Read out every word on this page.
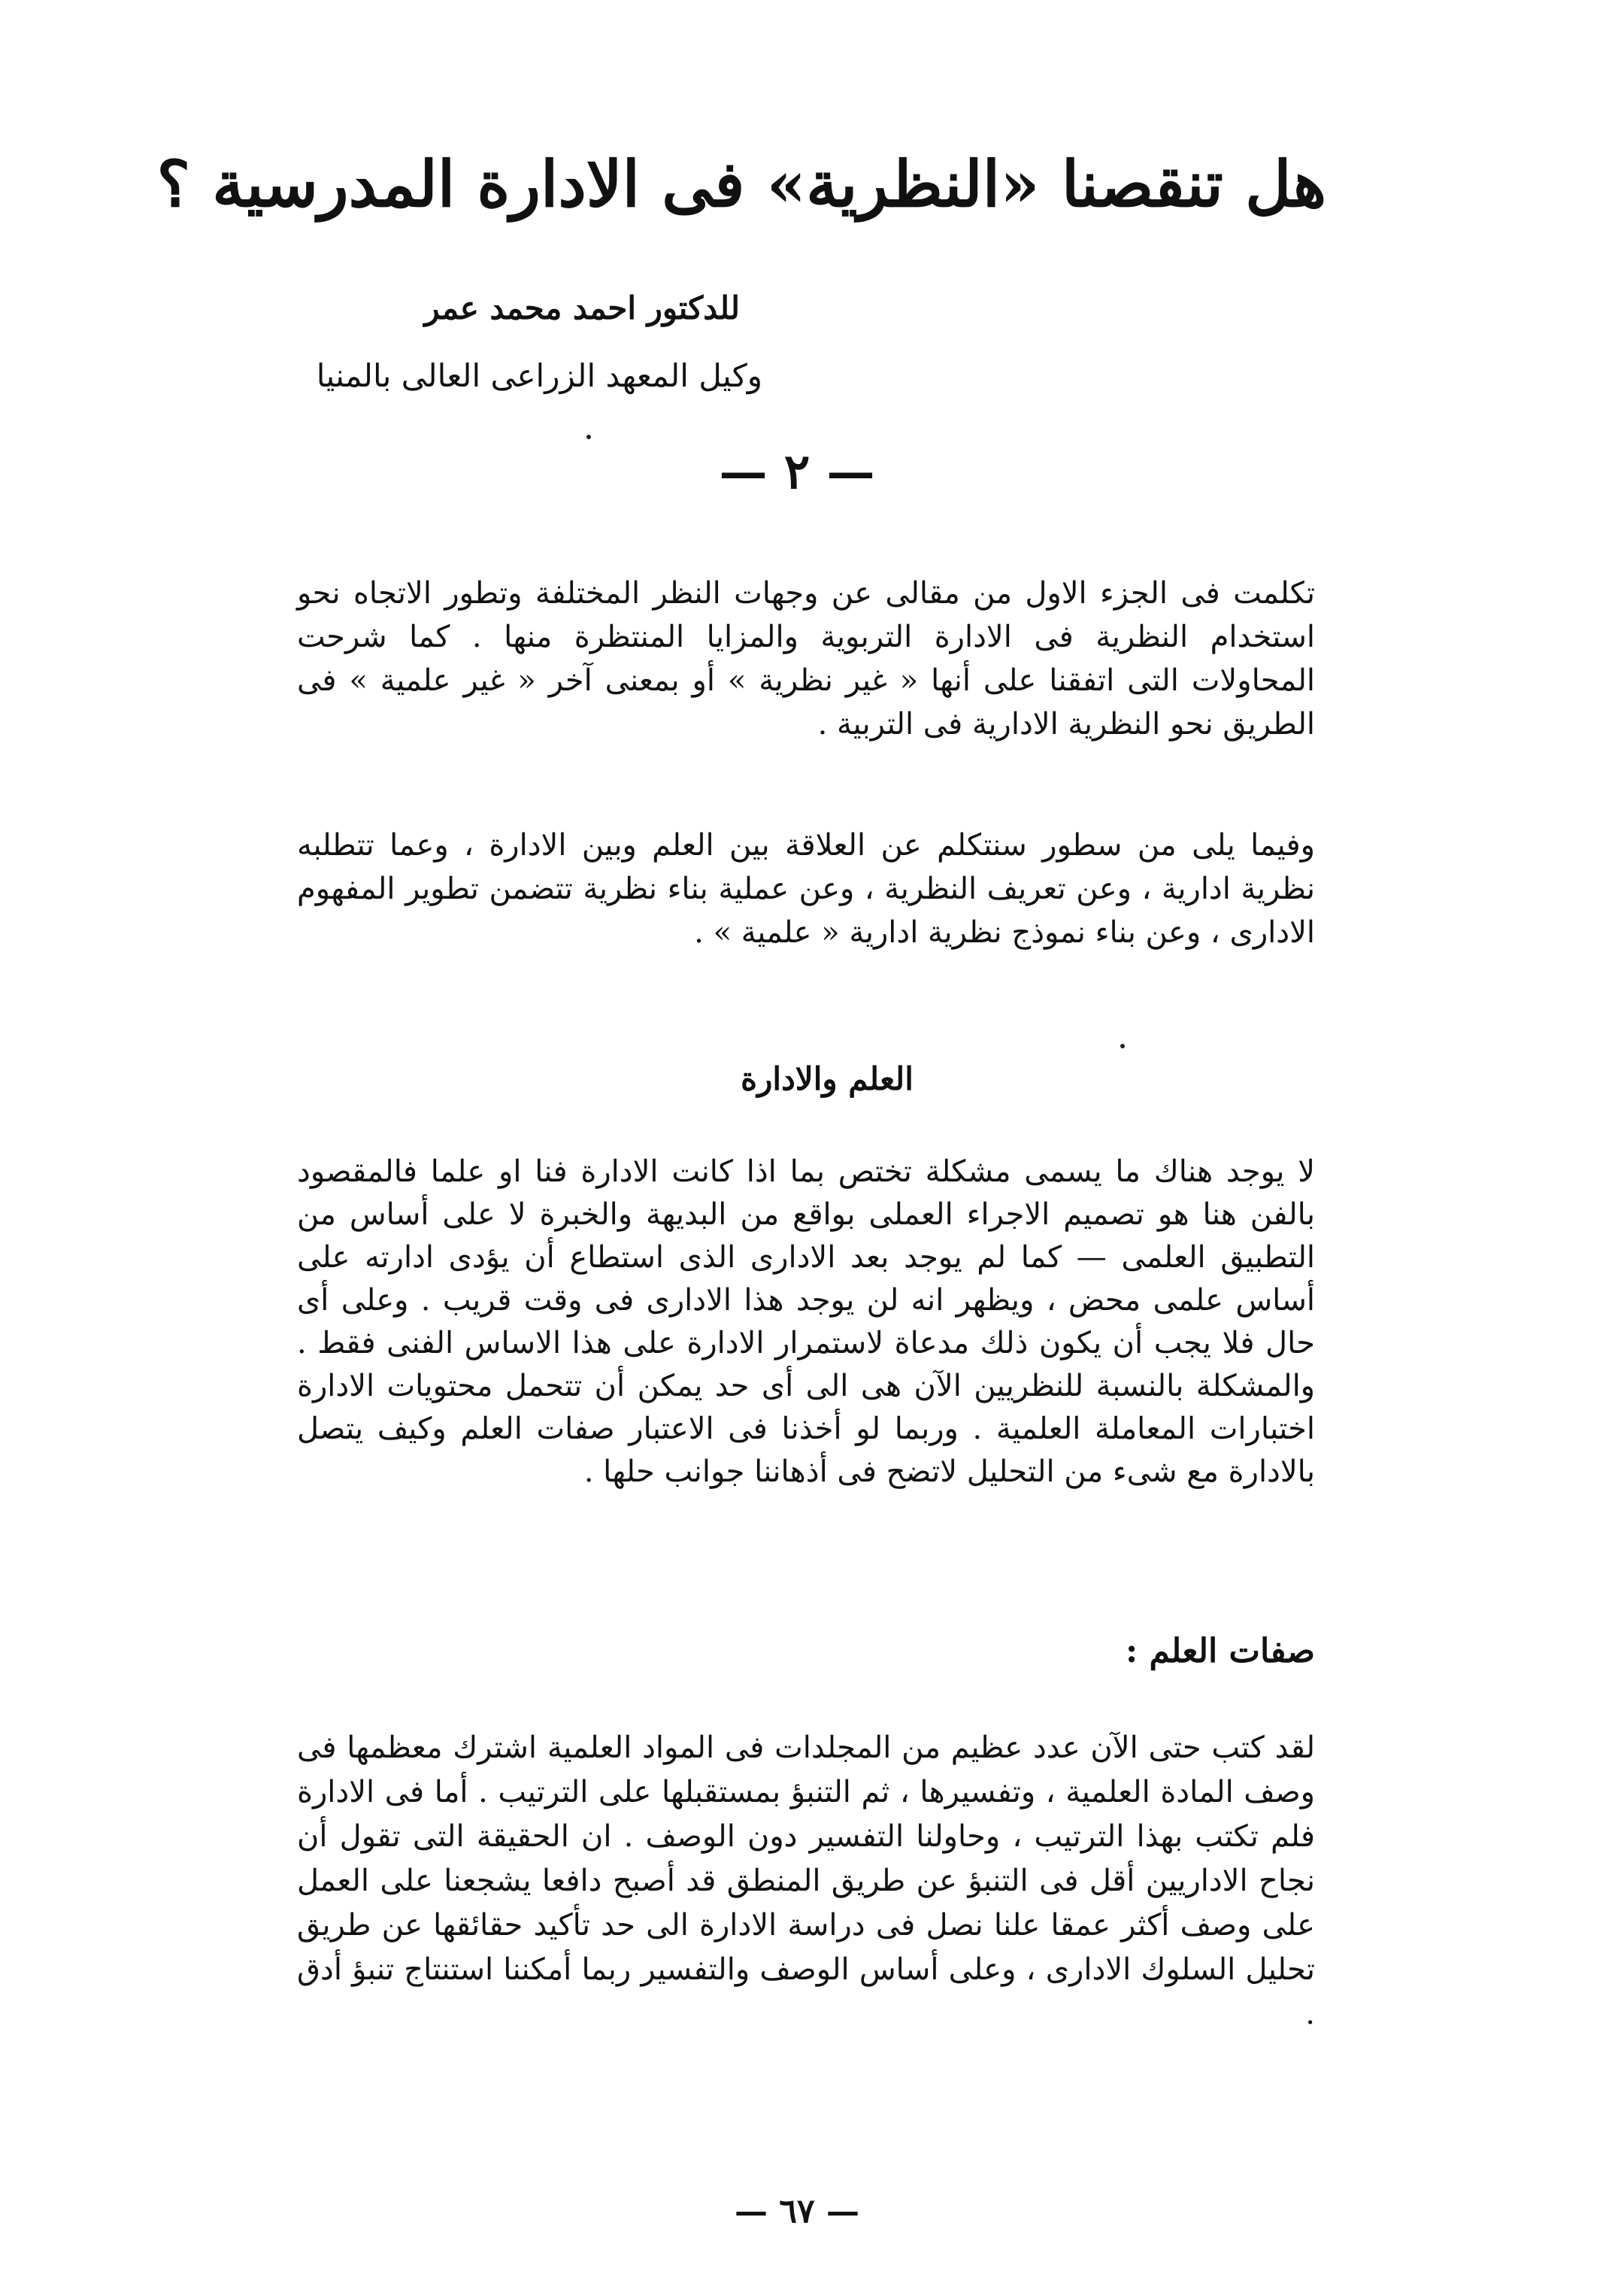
هل تنقصنا «النظرية» فى الادارة المدرسية ؟
للدكتور احمد محمد عمر
وكيل المعهد الزراعى العالى بالمنيا
— ٢ —

تكلمت فى الجزء الاول من مقالى عن وجهات النظر المختلفة وتطور الاتجاه نحو استخدام النظرية فى الادارة التربوية والمزايا المنتظرة منها . كما شرحت المحاولات التى اتفقنا على أنها « غير نظرية » أو بمعنى آخر « غير علمية » فى الطريق نحو النظرية الادارية فى التربية .

وفيما يلى من سطور سنتكلم عن العلاقة بين العلم وبين الادارة ، وعما تتطلبه نظرية ادارية ، وعن تعريف النظرية ، وعن عملية بناء نظرية تتضمن تطوير المفهوم الادارى ، وعن بناء نموذج نظرية ادارية « علمية » .

العلم والادارة

لا يوجد هناك ما يسمى مشكلة تختص بما اذا كانت الادارة فنا او علما فالمقصود بالفن هنا هو تصميم الاجراء العملى بواقع من البديهة والخبرة لا على أساس من التطبيق العلمى — كما لم يوجد بعد الادارى الذى استطاع أن يؤدى ادارته على أساس علمى محض ، ويظهر انه لن يوجد هذا الادارى فى وقت قريب . وعلى أى حال فلا يجب أن يكون ذلك مدعاة لاستمرار الادارة على هذا الاساس الفنى فقط . والمشكلة بالنسبة للنظريين الآن هى الى أى حد يمكن أن تتحمل محتويات الادارة اختبارات المعاملة العلمية . وربما لو أخذنا فى الاعتبار صفات العلم وكيف يتصل بالادارة مع شىء من التحليل لاتضح فى أذهاننا جوانب حلها .

صفات العلم :

لقد كتب حتى الآن عدد عظيم من المجلدات فى المواد العلمية اشترك معظمها فى وصف المادة العلمية ، وتفسيرها ، ثم التنبؤ بمستقبلها على الترتيب . أما فى الادارة فلم تكتب بهذا الترتيب ، وحاولنا التفسير دون الوصف . ان الحقيقة التى تقول أن نجاح الاداريين أقل فى التنبؤ عن طريق المنطق قد أصبح دافعا يشجعنا على العمل على وصف أكثر عمقا علنا نصل فى دراسة الادارة الى حد تأكيد حقائقها عن طريق تحليل السلوك الادارى ، وعلى أساس الوصف والتفسير ربما أمكننا استنتاج تنبؤ أدق .

— ٦٧ —
